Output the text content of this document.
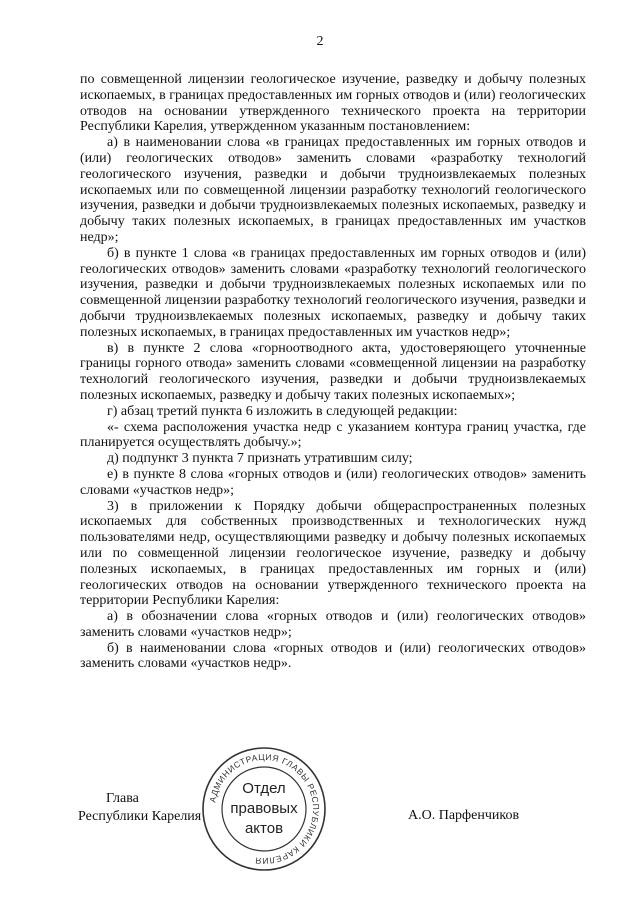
2

по совмещенной лицензии геологическое изучение, разведку и добычу полезных ископаемых, в границах предоставленных им горных отводов и (или) геологических отводов на основании утвержденного технического проекта на территории Республики Карелия, утвержденном указанным постановлением:

а) в наименовании слова «в границах предоставленных им горных отводов и (или) геологических отводов» заменить словами «разработку технологий геологического изучения, разведки и добычи трудноизвлекаемых полезных ископаемых или по совмещенной лицензии разработку технологий геологического изучения, разведки и добычи трудноизвлекаемых полезных ископаемых, разведку и добычу таких полезных ископаемых, в границах предоставленных им участков недр»;

б) в пункте 1 слова «в границах предоставленных им горных отводов и (или) геологических отводов» заменить словами «разработку технологий геологического изучения, разведки и добычи трудноизвлекаемых полезных ископаемых или по совмещенной лицензии разработку технологий геологического изучения, разведки и добычи трудноизвлекаемых полезных ископаемых, разведку и добычу таких полезных ископаемых, в границах предоставленных им участков недр»;

в) в пункте 2 слова «горноотводного акта, удостоверяющего уточненные границы горного отвода» заменить словами «совмещенной лицензии на разработку технологий геологического изучения, разведки и добычи трудноизвлекаемых полезных ископаемых, разведку и добычу таких полезных ископаемых»;

г) абзац третий пункта 6 изложить в следующей редакции:

«- схема расположения участка недр с указанием контура границ участка, где планируется осуществлять добычу.»;

д) подпункт 3 пункта 7 признать утратившим силу;

е) в пункте 8 слова «горных отводов и (или) геологических отводов» заменить словами «участков недр»;

3) в приложении к Порядку добычи общераспространенных полезных ископаемых для собственных производственных и технологических нужд пользователями недр, осуществляющими разведку и добычу полезных ископаемых или по совмещенной лицензии геологическое изучение, разведку и добычу полезных ископаемых, в границах предоставленных им горных и (или) геологических отводов на основании утвержденного технического проекта на территории Республики Карелия:

а) в обозначении слова «горных отводов и (или) геологических отводов» заменить словами «участков недр»;

б) в наименовании слова «горных отводов и (или) геологических отводов» заменить словами «участков недр».

Глава
Республики Карелия
АДМИНИСТРАЦИЯ ГЛАВЫ РЕСПУБЛИКИ КАРЕЛИЯ
Отдел
правовых
актов
А.О. Парфенчиков
